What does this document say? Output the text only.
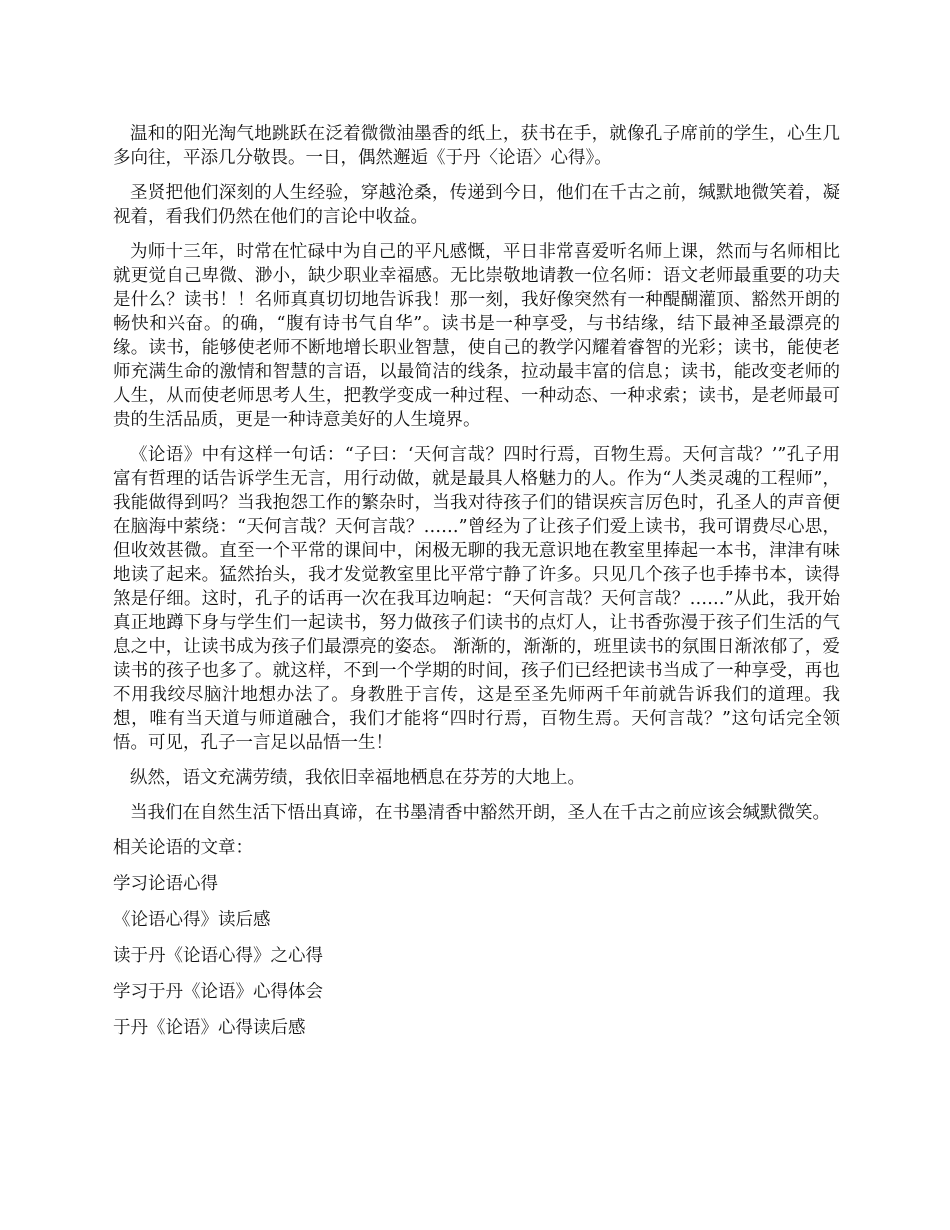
温和的阳光淘气地跳跃在泛着微微油墨香的纸上，获书在手，就像孔子席前的学生，心生几多向往，平添几分敬畏。一日，偶然邂逅《于丹〈论语〉心得》。

圣贤把他们深刻的人生经验，穿越沧桑，传递到今日，他们在千古之前，缄默地微笑着，凝视着，看我们仍然在他们的言论中收益。

为师十三年，时常在忙碌中为自己的平凡感慨，平日非常喜爱听名师上课，然而与名师相比就更觉自己卑微、渺小，缺少职业幸福感。无比崇敬地请教一位名师：语文老师最重要的功夫是什么？读书！！名师真真切切地告诉我！那一刻，我好像突然有一种醍醐灌顶、豁然开朗的畅快和兴奋。的确，“腹有诗书气自华”。读书是一种享受，与书结缘，结下最神圣最漂亮的缘。读书，能够使老师不断地增长职业智慧，使自己的教学闪耀着睿智的光彩；读书，能使老师充满生命的激情和智慧的言语，以最简洁的线条，拉动最丰富的信息；读书，能改变老师的人生，从而使老师思考人生，把教学变成一种过程、一种动态、一种求索；读书，是老师最可贵的生活品质，更是一种诗意美好的人生境界。

《论语》中有这样一句话：“子曰：‘天何言哉？四时行焉，百物生焉。天何言哉？’”孔子用富有哲理的话告诉学生无言，用行动做，就是最具人格魅力的人。作为“人类灵魂的工程师”，我能做得到吗？当我抱怨工作的繁杂时，当我对待孩子们的错误疾言厉色时，孔圣人的声音便在脑海中萦绕：“天何言哉？天何言哉？……”曾经为了让孩子们爱上读书，我可谓费尽心思，但收效甚微。直至一个平常的课间中，闲极无聊的我无意识地在教室里捧起一本书，津津有味地读了起来。猛然抬头，我才发觉教室里比平常宁静了许多。只见几个孩子也手捧书本，读得煞是仔细。这时，孔子的话再一次在我耳边响起：“天何言哉？天何言哉？……”从此，我开始真正地蹲下身与学生们一起读书，努力做孩子们读书的点灯人，让书香弥漫于孩子们生活的气息之中，让读书成为孩子们最漂亮的姿态。 渐渐的，渐渐的，班里读书的氛围日渐浓郁了，爱读书的孩子也多了。就这样，不到一个学期的时间，孩子们已经把读书当成了一种享受，再也不用我绞尽脑汁地想办法了。身教胜于言传，这是至圣先师两千年前就告诉我们的道理。我想，唯有当天道与师道融合，我们才能将“四时行焉，百物生焉。天何言哉？”这句话完全领悟。可见，孔子一言足以品悟一生！

纵然，语文充满劳绩，我依旧幸福地栖息在芬芳的大地上。

当我们在自然生活下悟出真谛，在书墨清香中豁然开朗，圣人在千古之前应该会缄默微笑。

相关论语的文章：

学习论语心得

《论语心得》读后感

读于丹《论语心得》之心得

学习于丹《论语》心得体会

于丹《论语》心得读后感
